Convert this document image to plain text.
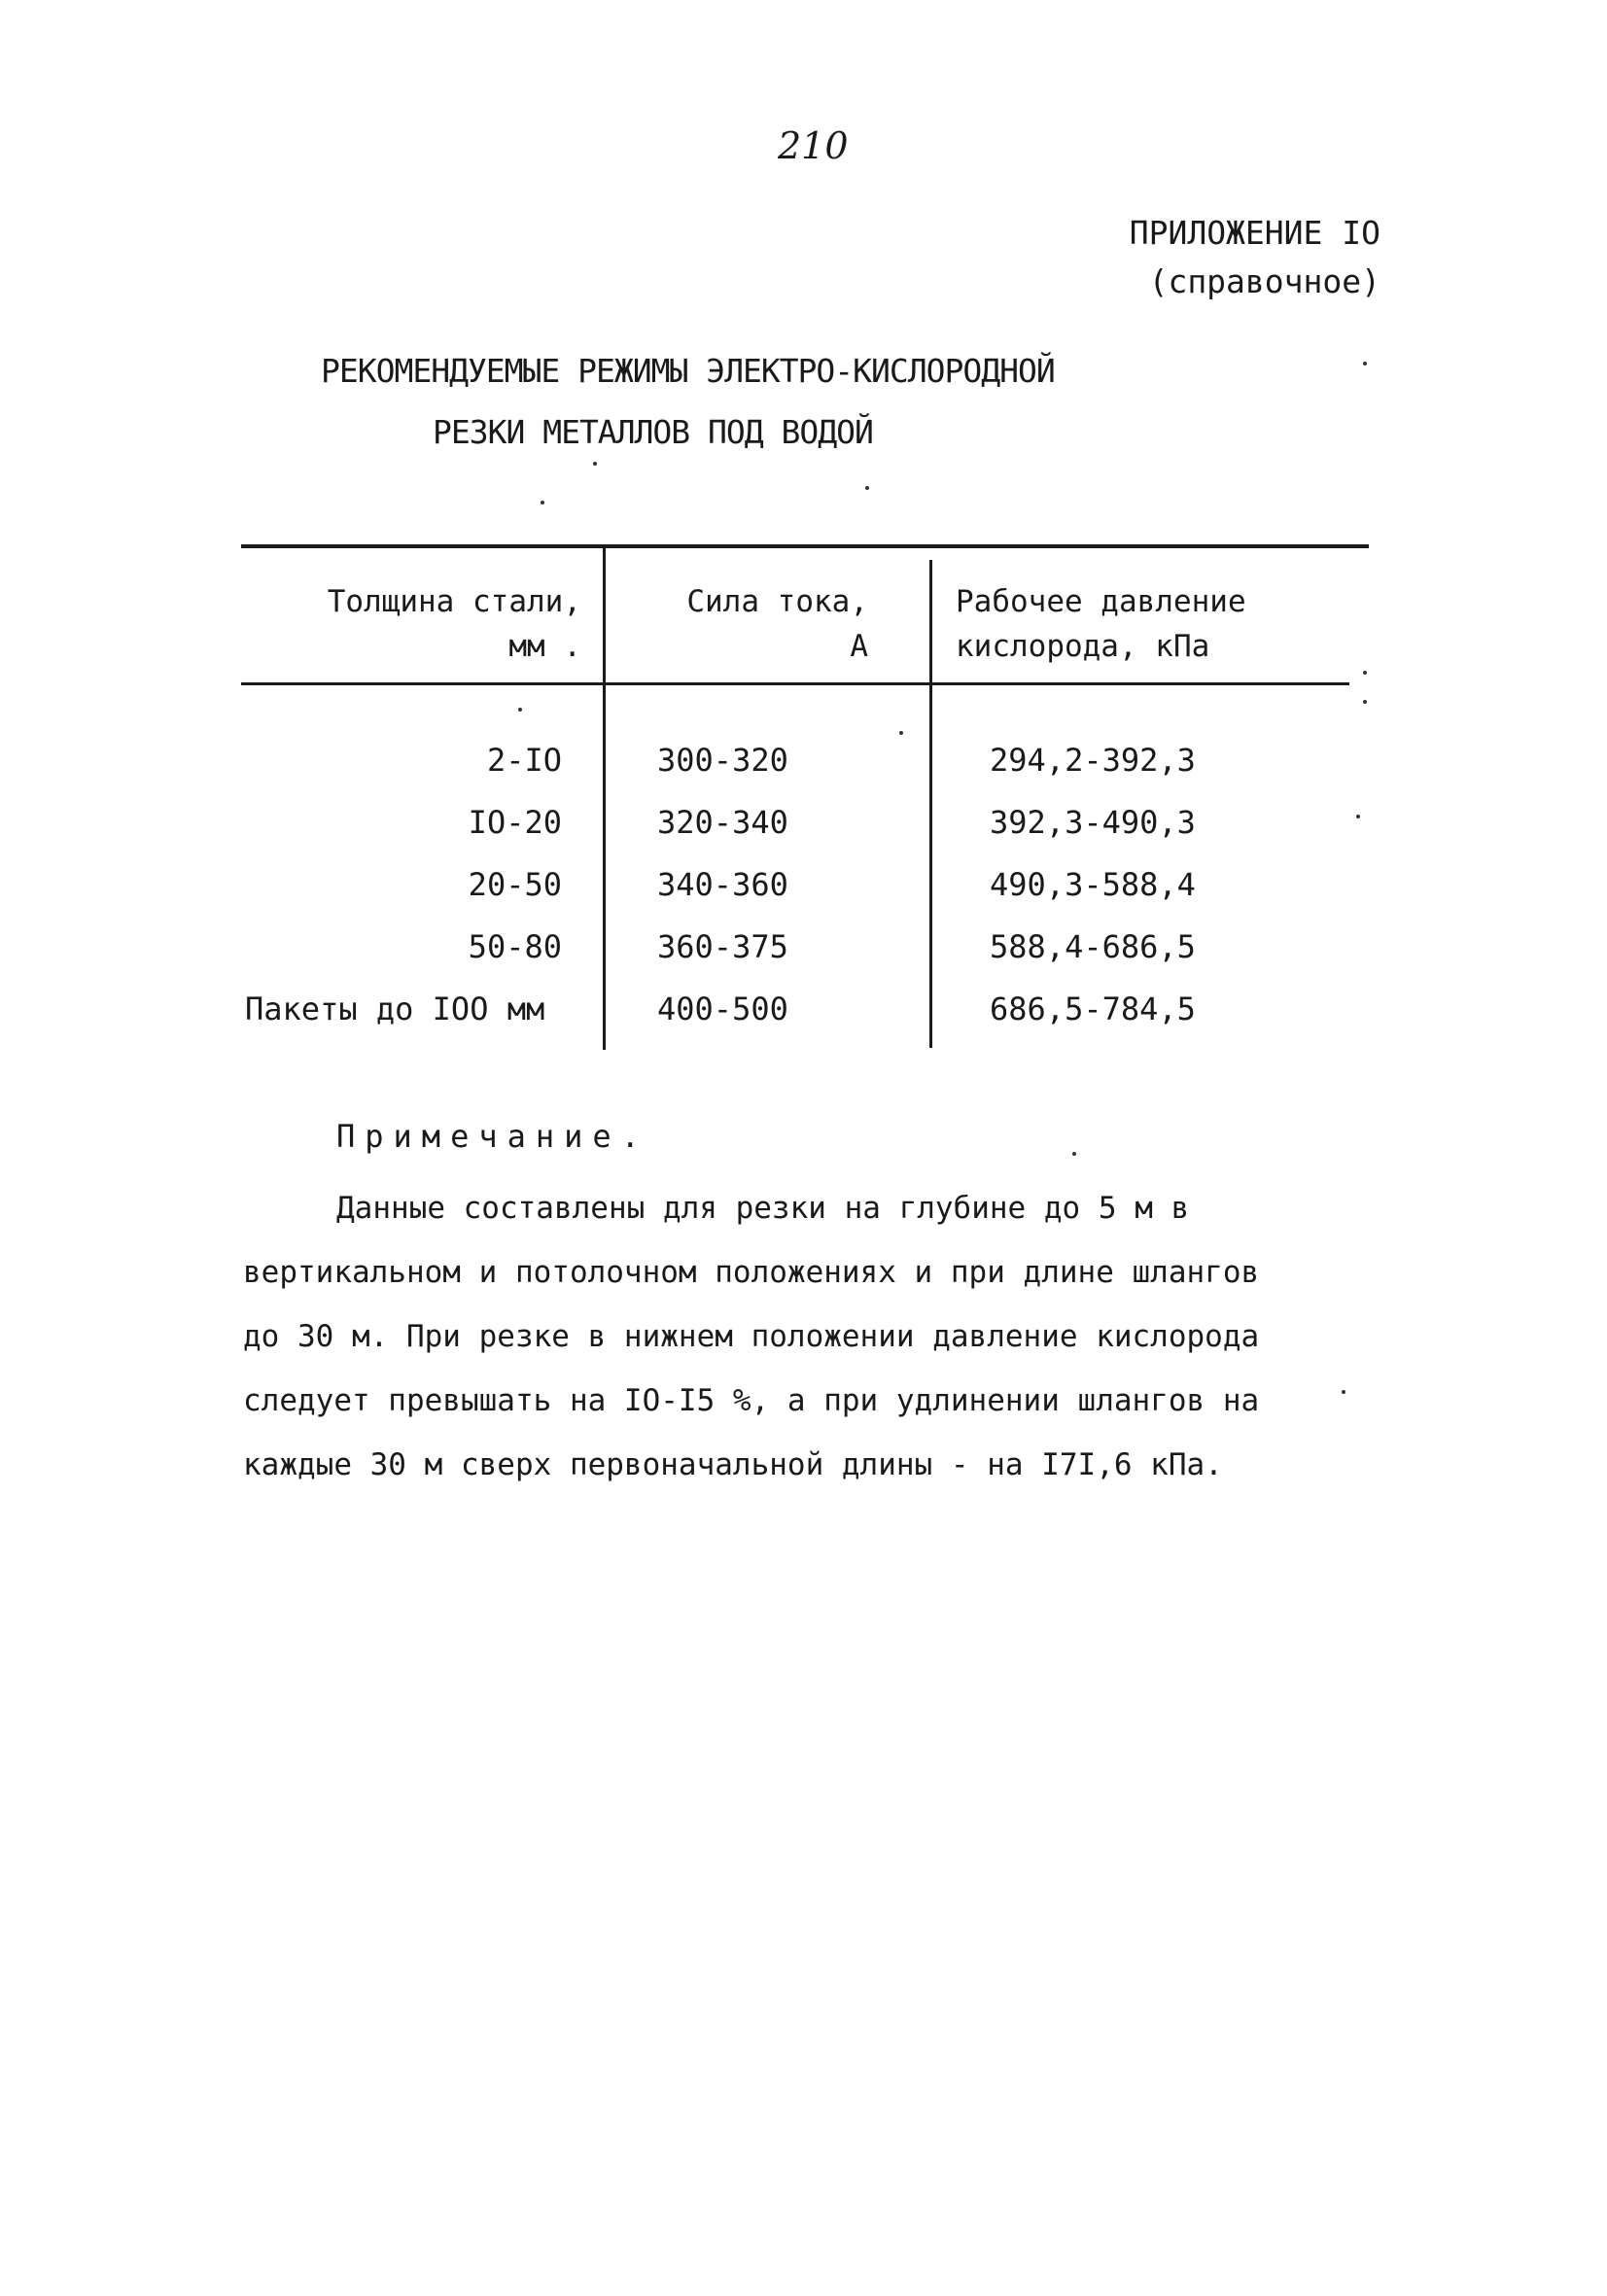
210
ПРИЛОЖЕНИЕ IO
(справочное)
РЕКОМЕНДУЕМЫЕ РЕЖИМЫ ЭЛЕКТРО-КИСЛОРОДНОЙ
РЕЗКИ МЕТАЛЛОВ ПОД ВОДОЙ
Толщина стали,
мм .
Сила тока,
А
Рабочее давление
кислорода, кПа
2-IO
IO-20
20-50
50-80
Пакеты до IOO мм
300-320
320-340
340-360
360-375
400-500
294,2-392,3
392,3-490,3
490,3-588,4
588,4-686,5
686,5-784,5
Примечание.
Данные составлены для резки на глубине до 5 м в
вертикальном и потолочном положениях и при длине шлангов
до 30 м. При резке в нижнем положении давление кислорода
следует превышать на IO-I5 %, а при удлинении шлангов на
каждые 30 м сверх первоначальной длины - на I7I,6 кПа.
